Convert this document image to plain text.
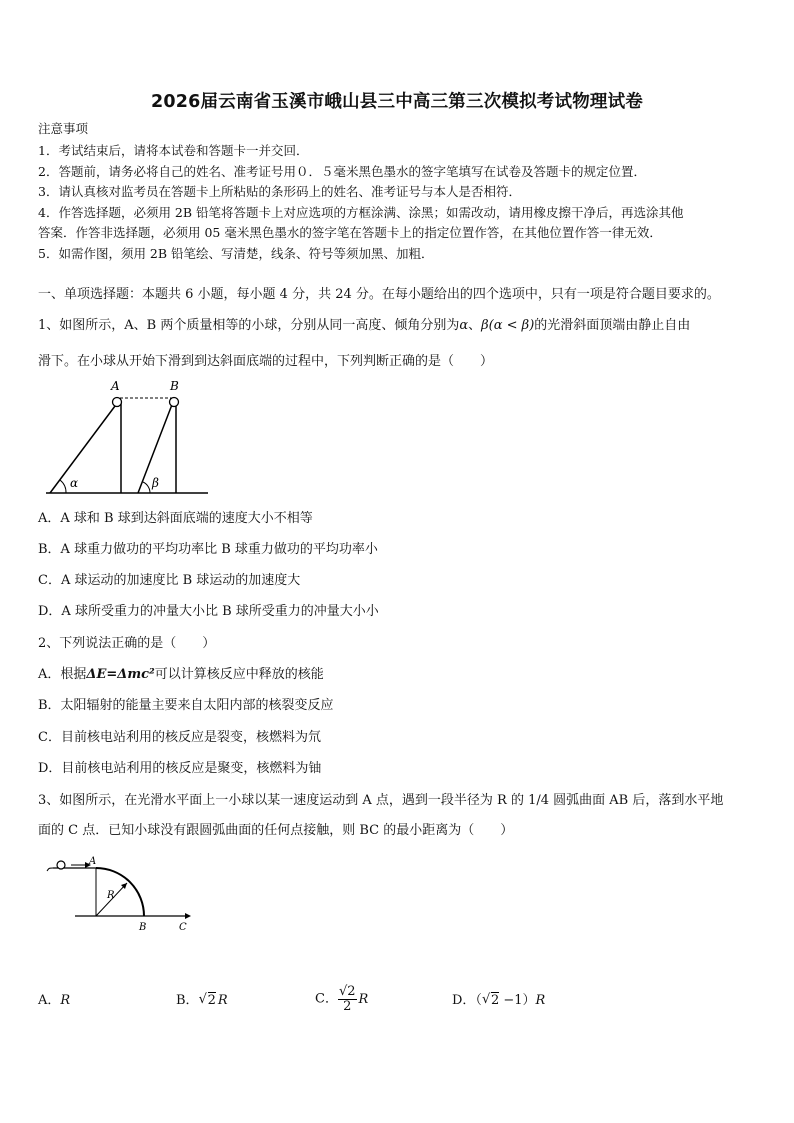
2026届云南省玉溪市峨山县三中高三第三次模拟考试物理试卷
注意事项
1．考试结束后，请将本试卷和答题卡一并交回．
2．答题前，请务必将自己的姓名、准考证号用０．５毫米黑色墨水的签字笔填写在试卷及答题卡的规定位置．
3．请认真核对监考员在答题卡上所粘贴的条形码上的姓名、准考证号与本人是否相符．
4．作答选择题，必须用 2B 铅笔将答题卡上对应选项的方框涂满、涂黑；如需改动，请用橡皮擦干净后，再选涂其他
答案．作答非选择题，必须用 05 毫米黑色墨水的签字笔在答题卡上的指定位置作答，在其他位置作答一律无效．
5．如需作图，须用 2B 铅笔绘、写清楚，线条、符号等须加黑、加粗．
一、单项选择题：本题共 6 小题，每小题 4 分，共 24 分。在每小题给出的四个选项中，只有一项是符合题目要求的。
1、如图所示，A、B 两个质量相等的小球，分别从同一高度、倾角分别为α、β(α < β)的光滑斜面顶端由静止自由
滑下。在小球从开始下滑到到达斜面底端的过程中，下列判断正确的是（　　）
A	B
α	β
A．A 球和 B 球到达斜面底端的速度大小不相等
B．A 球重力做功的平均功率比 B 球重力做功的平均功率小
C．A 球运动的加速度比 B 球运动的加速度大
D．A 球所受重力的冲量大小比 B 球所受重力的冲量大小小
2、下列说法正确的是（　　）
A．根据ΔE=Δmc²可以计算核反应中释放的核能
B．太阳辐射的能量主要来自太阳内部的核裂变反应
C．目前核电站利用的核反应是裂变，核燃料为氘
D．目前核电站利用的核反应是聚变，核燃料为铀
3、如图所示，在光滑水平面上一小球以某一速度运动到 A 点，遇到一段半径为 R 的 1/4 圆弧曲面 AB 后，落到水平地
面的 C 点．已知小球没有跟圆弧曲面的任何点接触，则 BC 的最小距离为（　　）
A
R
B	C
A．R	B． √ 2 R	C． $\frac{√2}{2}$ R	D．（ √ 2 −1）R
